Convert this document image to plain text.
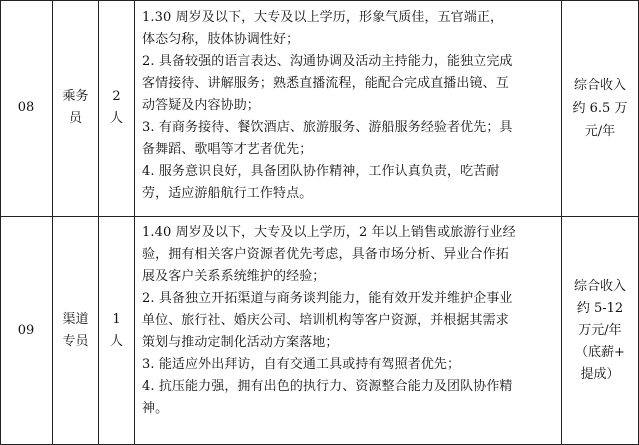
08
乘务
员
2
人
1.30 周岁及以下，大专及以上学历，形象气质佳，五官端正，
体态匀称，肢体协调性好；
2. 具备较强的语言表达、沟通协调及活动主持能力，能独立完成
客情接待、讲解服务；熟悉直播流程，能配合完成直播出镜、互
动答疑及内容协助；
3. 有商务接待、餐饮酒店、旅游服务、游船服务经验者优先；具
备舞蹈、歌唱等才艺者优先；
4. 服务意识良好，具备团队协作精神，工作认真负责，吃苦耐
劳，适应游船航行工作特点。
综合收入
约 6.5 万
元/年
09
渠道
专员
1
人
1.40 周岁及以下，大专及以上学历，2 年以上销售或旅游行业经
验，拥有相关客户资源者优先考虑，具备市场分析、异业合作拓
展及客户关系系统维护的经验；
2. 具备独立开拓渠道与商务谈判能力，能有效开发并维护企事业
单位、旅行社、婚庆公司、培训机构等客户资源，并根据其需求
策划与推动定制化活动方案落地；
3. 能适应外出拜访，自有交通工具或持有驾照者优先；
4. 抗压能力强，拥有出色的执行力、资源整合能力及团队协作精
神。
综合收入
约 5-12
万元/年
（底薪+
提成）
